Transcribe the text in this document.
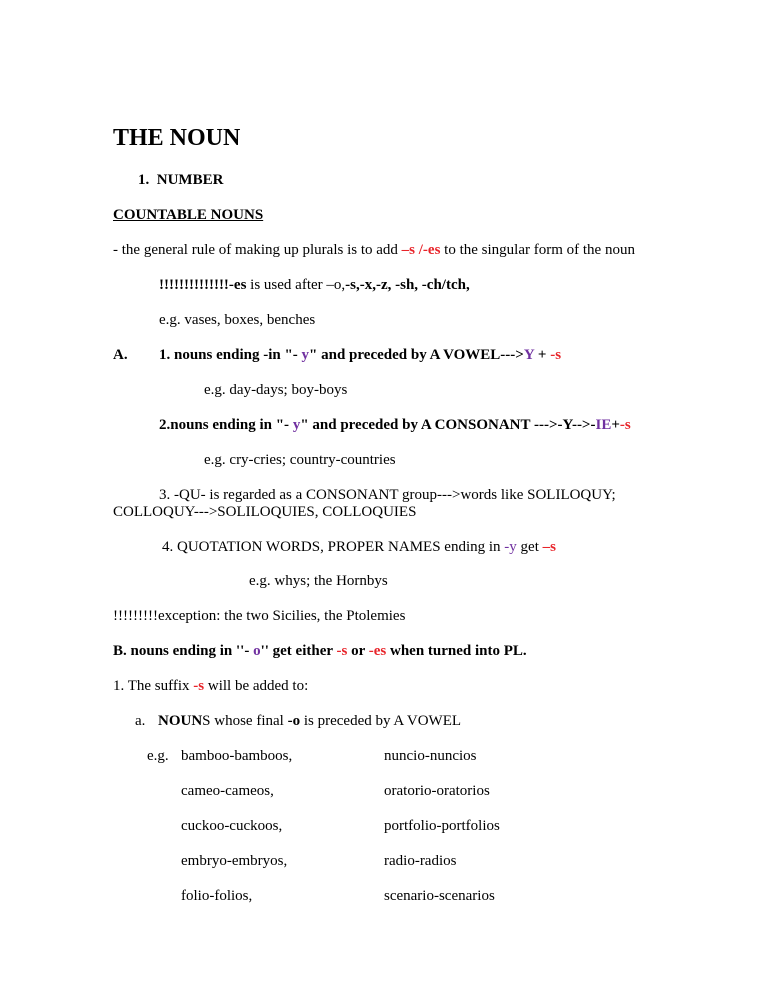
THE NOUN
1. NUMBER
COUNTABLE NOUNS
- the general rule of making up plurals is to add –s /-es to the singular form of the noun
!!!!!!!!!!!!!!-es is used after –o,-s,-x,-z, -sh, -ch/tch,
e.g. vases, boxes, benches
A. 1. nouns ending -in "- y" and preceded by A VOWEL--->Y + -s
e.g. day-days; boy-boys
2.nouns ending in "- y" and preceded by A CONSONANT --->-Y-->-IE+-s
e.g. cry-cries; country-countries
3. -QU- is regarded as a CONSONANT group--->words like SOLILOQUY;
COLLOQUY--->SOLILOQUIES, COLLOQUIES
4. QUOTATION WORDS, PROPER NAMES ending in -y get –s
e.g. whys; the Hornbys
!!!!!!!!!exception: the two Sicilies, the Ptolemies
B. nouns ending in ''- o'' get either -s or -es when turned into PL.
1. The suffix -s will be added to:
a. NOUNS whose final -o is preceded by A VOWEL
e.g. bamboo-bamboos,
cameo-cameos,
cuckoo-cuckoos,
embryo-embryos,
folio-folios,
nuncio-nuncios
oratorio-oratorios
portfolio-portfolios
radio-radios
scenario-scenarios
